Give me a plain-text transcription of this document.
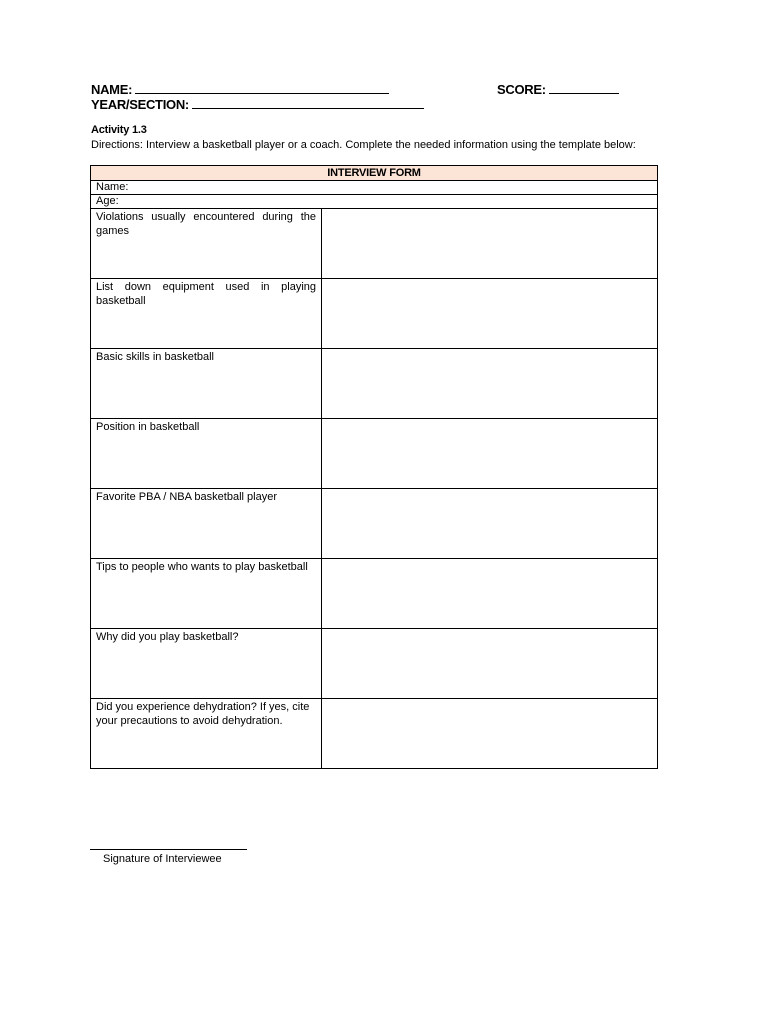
NAME:	SCORE:
YEAR/SECTION:
Activity 1.3
Directions: Interview a basketball player or a coach. Complete the needed information using the template below:
INTERVIEW FORM	
Name:	
Age:	
Violations usually encountered during the games	
List down equipment used in playing basketball	
Basic skills in basketball	
Position in basketball	
Favorite PBA / NBA basketball player	
Tips to people who wants to play basketball	
Why did you play basketball?	
Did you experience dehydration? If yes, cite your precautions to avoid dehydration.	
Signature of Interviewee
